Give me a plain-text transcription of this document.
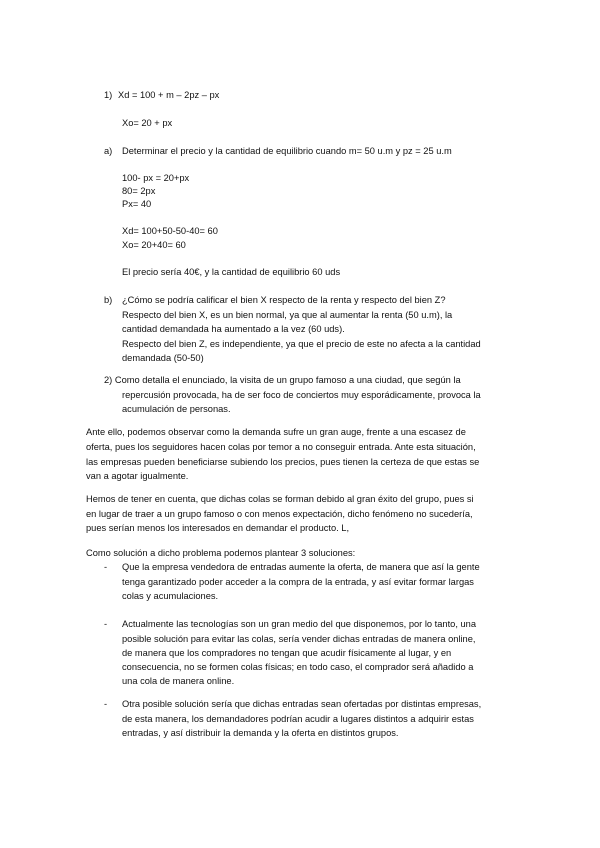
1) Xd = 100 + m – 2pz – px
Xo= 20 + px
a) Determinar el precio y la cantidad de equilibrio cuando m= 50 u.m y pz = 25 u.m
100- px = 20+px
80= 2px
Px= 40
Xd= 100+50-50-40= 60
Xo= 20+40= 60
El precio sería 40€, y la cantidad de equilibrio 60 uds
b) ¿Cómo se podría calificar el bien X respecto de la renta y respecto del bien Z?
Respecto del bien X, es un bien normal, ya que al aumentar la renta (50 u.m), la
cantidad demandada ha aumentado a la vez (60 uds).
Respecto del bien Z, es independiente, ya que el precio de este no afecta a la cantidad
demandada (50-50)
2) Como detalla el enunciado, la visita de un grupo famoso a una ciudad, que según la
repercusión provocada, ha de ser foco de conciertos muy esporádicamente, provoca la
acumulación de personas.
Ante ello, podemos observar como la demanda sufre un gran auge, frente a una escasez de
oferta, pues los seguidores hacen colas por temor a no conseguir entrada. Ante esta situación,
las empresas pueden beneficiarse subiendo los precios, pues tienen la certeza de que estas se
van a agotar igualmente.
Hemos de tener en cuenta, que dichas colas se forman debido al gran éxito del grupo, pues si
en lugar de traer a un grupo famoso o con menos expectación, dicho fenómeno no sucedería,
pues serían menos los interesados en demandar el producto. L,
Como solución a dicho problema podemos plantear 3 soluciones:
- Que la empresa vendedora de entradas aumente la oferta, de manera que así la gente
tenga garantizado poder acceder a la compra de la entrada, y así evitar formar largas
colas y acumulaciones.
- Actualmente las tecnologías son un gran medio del que disponemos, por lo tanto, una
posible solución para evitar las colas, sería vender dichas entradas de manera online,
de manera que los compradores no tengan que acudir físicamente al lugar, y en
consecuencia, no se formen colas físicas; en todo caso, el comprador será añadido a
una cola de manera online.
- Otra posible solución sería que dichas entradas sean ofertadas por distintas empresas,
de esta manera, los demandadores podrían acudir a lugares distintos a adquirir estas
entradas, y así distribuir la demanda y la oferta en distintos grupos.
